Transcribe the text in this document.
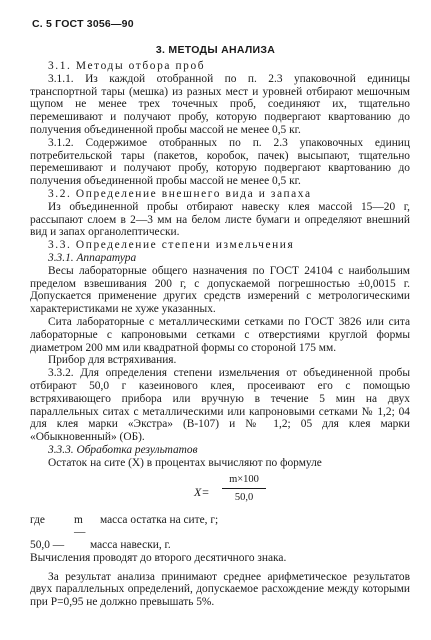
С. 5 ГОСТ 3056—90
3. МЕТОДЫ АНАЛИЗА

3.1. Методы отбора проб

3.1.1. Из каждой отобранной по п. 2.3 упаковочной единицы транспортной тары (мешка) из разных мест и уровней отбирают мешочным щупом не менее трех точечных проб, соединяют их, тщательно перемешивают и получают пробу, которую подвергают квартованию до получения объединенной пробы массой не менее 0,5 кг.

3.1.2. Содержимое отобранных по п. 2.3 упаковочных единиц потребительской тары (пакетов, коробок, пачек) высыпают, тщательно перемешивают и получают пробу, которую подвергают квартованию до получения объединенной пробы массой не менее 0,5 кг.

3.2. Определение внешнего вида и запаха

Из объединенной пробы отбирают навеску клея массой 15—20 г, рассыпают слоем в 2—3 мм на белом листе бумаги и определяют внешний вид и запах органолептически.

3.3. Определение степени измельчения

3.3.1. Аппаратура

Весы лабораторные общего назначения по ГОСТ 24104 с наибольшим пределом взвешивания 200 г, с допускаемой погрешностью ±0,0015 г. Допускается применение других средств измерений с метрологическими характеристиками не хуже указанных.

Сита лабораторные с металлическими сетками по ГОСТ 3826 или сита лабораторные с капроновыми сетками с отверстиями круглой формы диаметром 200 мм или квадратной формы со стороной 175 мм.

Прибор для встряхивания.

3.3.2. Для определения степени измельчения от объединенной пробы отбирают 50,0 г казеинового клея, просеивают его с помощью встряхивающего прибора или вручную в течение 5 мин на двух параллельных ситах с металлическими или капроновыми сетками № 1,2; 04 для клея марки «Экстра» (В-107) и № 1,2; 05 для клея марки «Обыкновенный» (ОБ).

3.3.3. Обработка результатов

Остаток на сите (X) в процентах вычисляют по формуле

$X= \frac{m\times 100}{50,0}$
где	m —
масса остатка на сите, г;
50,0 —	масса навески, г.

Вычисления проводят до второго десятичного знака.

За результат анализа принимают среднее арифметическое результатов двух параллельных определений, допускаемое расхождение между которыми при P=0,95 не должно превышать 5%.
